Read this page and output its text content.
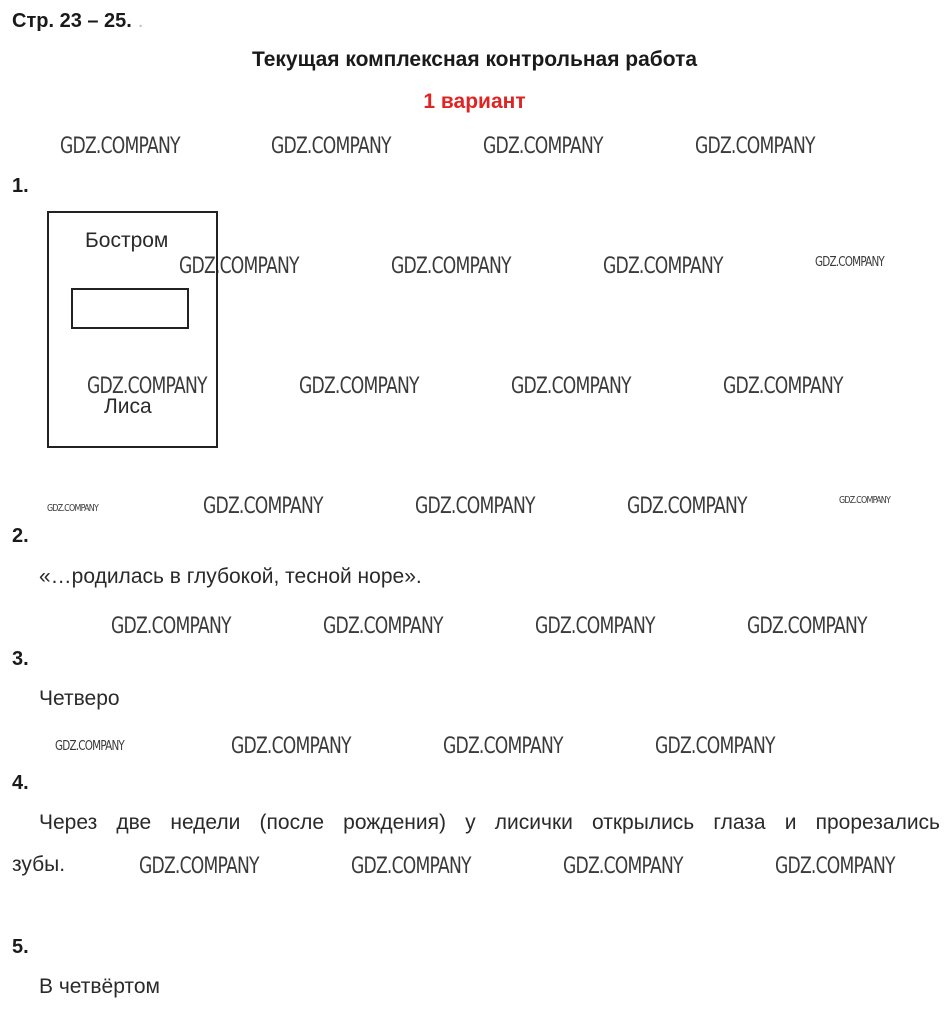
Стр. 23 – 25. .
Текущая комплексная контрольная работа
1 вариант
GDZ.COMPANY	GDZ.COMPANY	GDZ.COMPANY	GDZ.COMPANY
GDZ.COMPANY	GDZ.COMPANY	GDZ.COMPANY	GDZ.COMPANY
GDZ.COMPANY	GDZ.COMPANY	GDZ.COMPANY	GDZ.COMPANY
GDZ.COMPANY	GDZ.COMPANY	GDZ.COMPANY	GDZ.COMPANY	GDZ.COMPANY
GDZ.COMPANY	GDZ.COMPANY	GDZ.COMPANY	GDZ.COMPANY
GDZ.COMPANY	GDZ.COMPANY	GDZ.COMPANY	GDZ.COMPANY
GDZ.COMPANY	GDZ.COMPANY	GDZ.COMPANY	GDZ.COMPANY
1.
Бостром
Лиса
2.
«…родилась в глубокой, тесной норе».
3.
Четверо
4.
Через две недели (после рождения) у лисички открылись глаза и прорезались
зубы.
5.
В четвёртом
